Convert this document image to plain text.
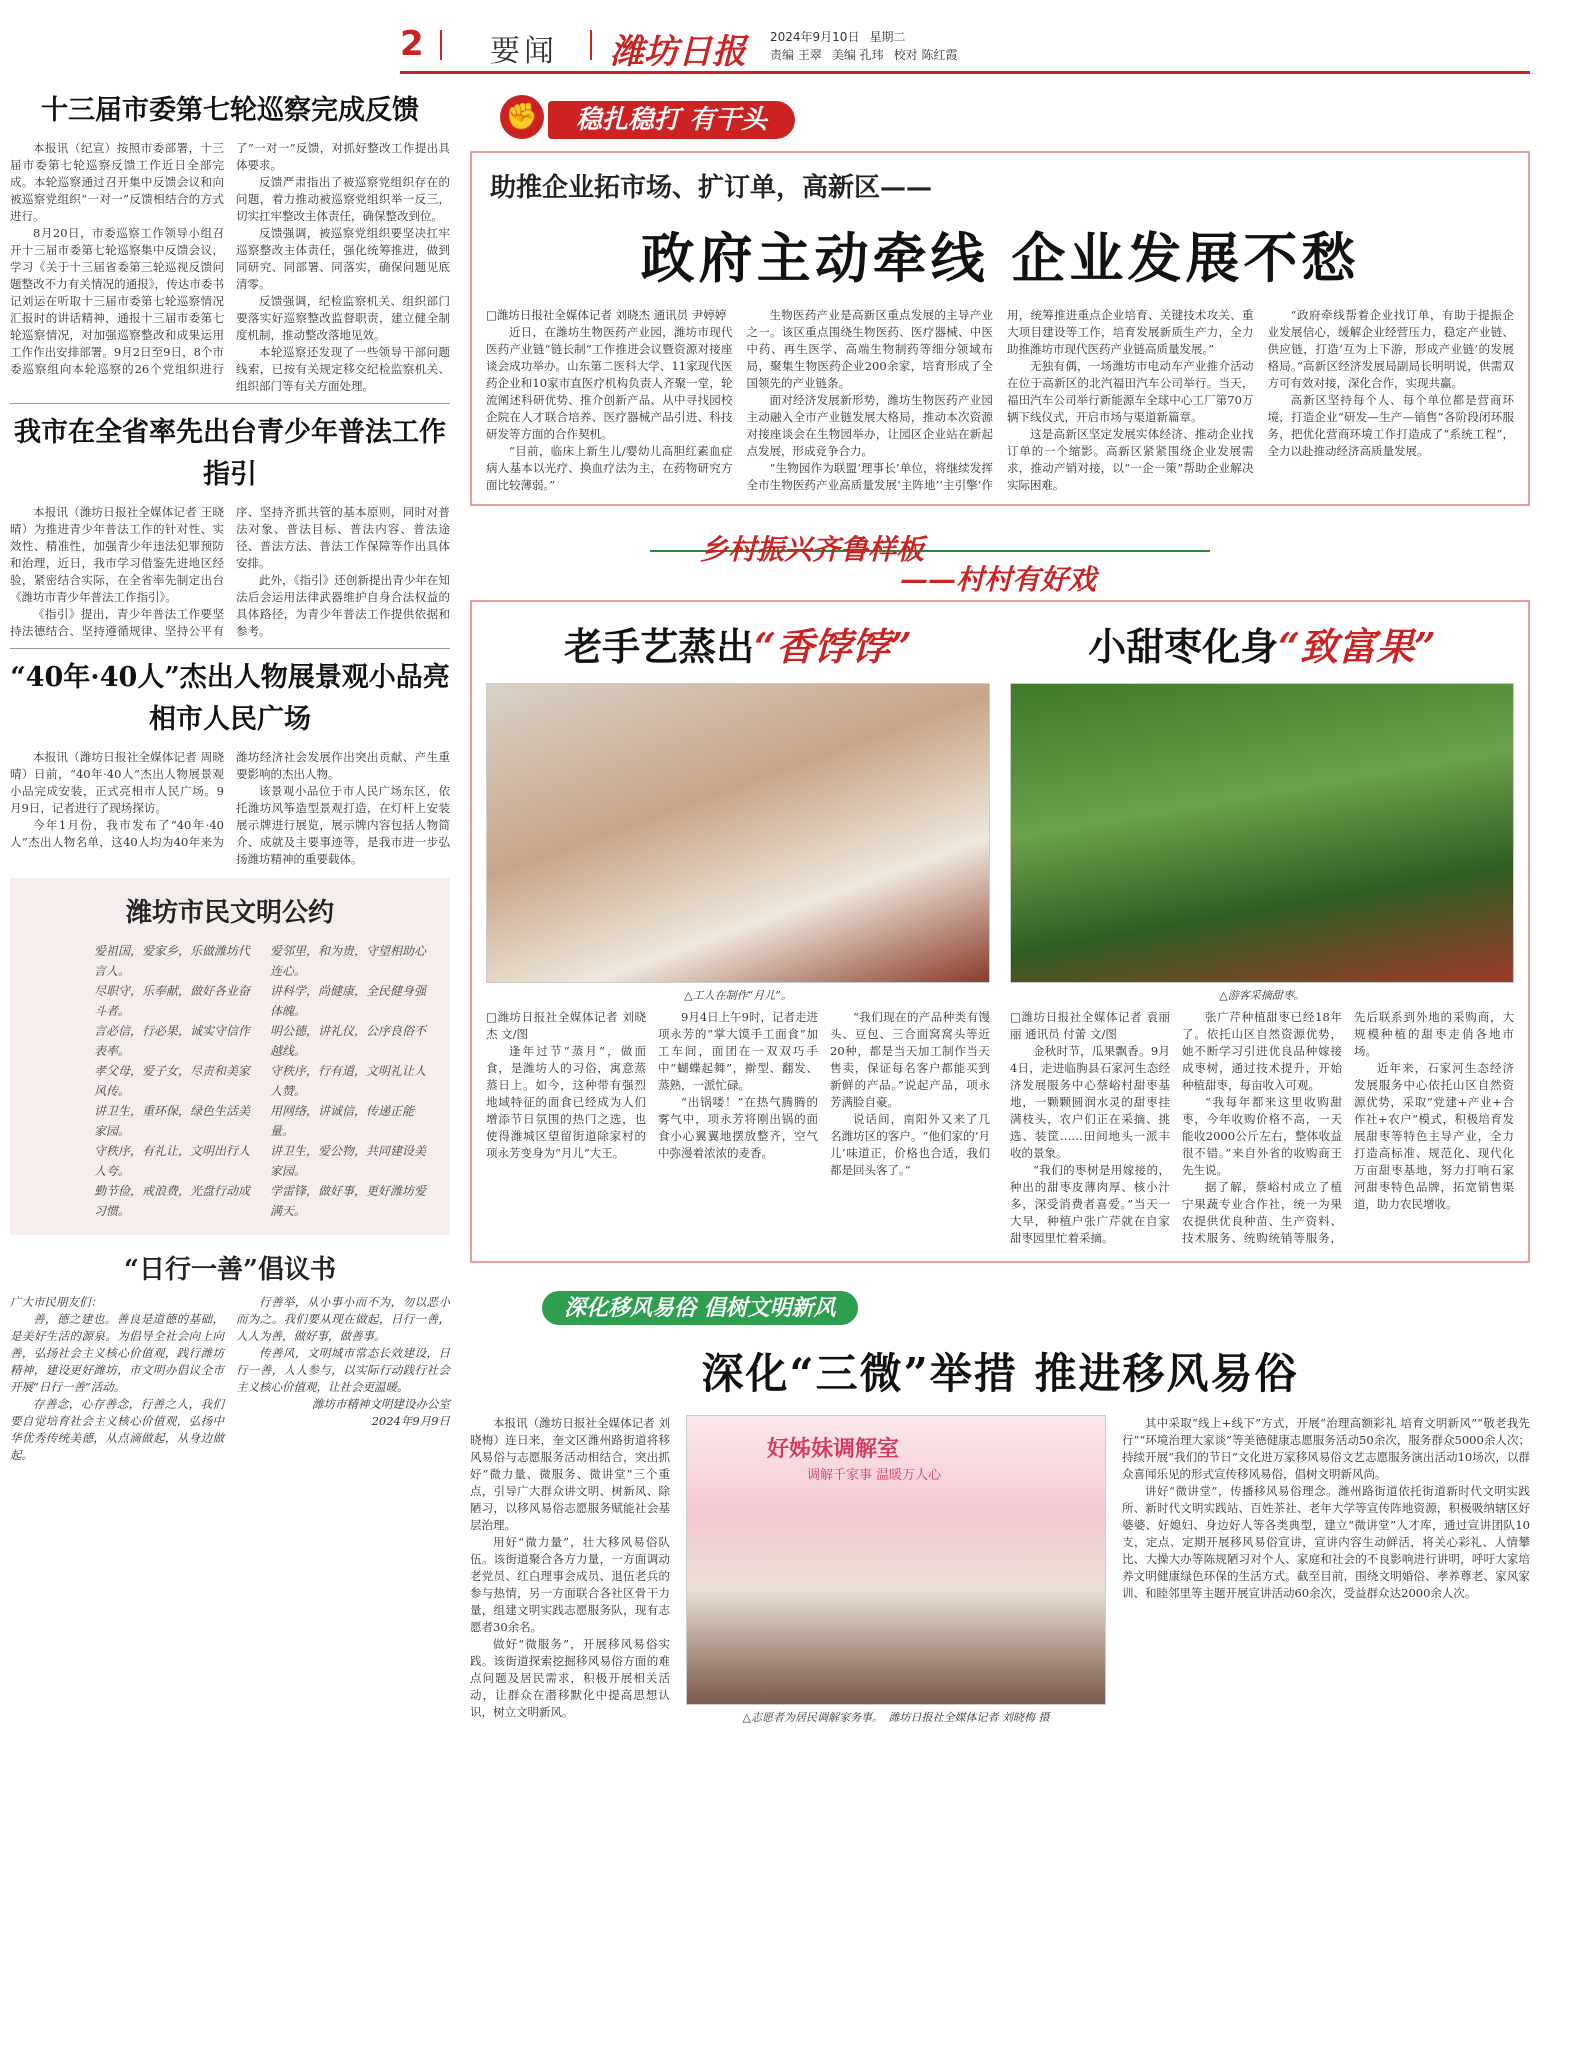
2 要闻 潍坊日报 2024年9月10日 星期二
责编 王翠 美编 孔玮 校对 陈红霞
十三届市委第七轮巡察完成反馈

本报讯（纪宣）按照市委部署，十三届市委第七轮巡察反馈工作近日全部完成。本轮巡察通过召开集中反馈会议和向被巡察党组织“一对一”反馈相结合的方式进行。

8月20日，市委巡察工作领导小组召开十三届市委第七轮巡察集中反馈会议，学习《关于十三届省委第三轮巡视反馈问题整改不力有关情况的通报》，传达市委书记刘运在听取十三届市委第七轮巡察情况汇报时的讲话精神，通报十三届市委第七轮巡察情况，对加强巡察整改和成果运用工作作出安排部署。9月2日至9日，8个市委巡察组向本轮巡察的26个党组织进行了“一对一”反馈，对抓好整改工作提出具体要求。

反馈严肃指出了被巡察党组织存在的问题，着力推动被巡察党组织举一反三，切实扛牢整改主体责任，确保整改到位。

反馈强调，被巡察党组织要坚决扛牢巡察整改主体责任，强化统筹推进，做到同研究、同部署、同落实，确保问题见底清零。

反馈强调，纪检监察机关、组织部门要落实好巡察整改监督职责，建立健全制度机制，推动整改落地见效。

本轮巡察还发现了一些领导干部问题线索，已按有关规定移交纪检监察机关、组织部门等有关方面处理。

我市在全省率先出台青少年普法工作指引

本报讯（潍坊日报社全媒体记者 王晓晴）为推进青少年普法工作的针对性、实效性、精准性，加强青少年违法犯罪预防和治理，近日，我市学习借鉴先进地区经验，紧密结合实际，在全省率先制定出台《潍坊市青少年普法工作指引》。

《指引》提出，青少年普法工作要坚持法德结合、坚持遵循规律、坚持公平有序、坚持齐抓共管的基本原则，同时对普法对象、普法目标、普法内容、普法途径、普法方法、普法工作保障等作出具体安排。

此外，《指引》还创新提出青少年在知法后会运用法律武器维护自身合法权益的具体路径，为青少年普法工作提供依据和参考。

“40年·40人”杰出人物展景观小品亮相市人民广场

本报讯（潍坊日报社全媒体记者 周晓晴）日前，“40年·40人”杰出人物展景观小品完成安装，正式亮相市人民广场。9月9日，记者进行了现场探访。

今年1月份，我市发布了“40年·40人”杰出人物名单，这40人均为40年来为潍坊经济社会发展作出突出贡献、产生重要影响的杰出人物。

该景观小品位于市人民广场东区，依托潍坊风筝造型景观打造，在灯杆上安装展示牌进行展览，展示牌内容包括人物简介、成就及主要事迹等，是我市进一步弘扬潍坊精神的重要载体。

潍坊市民文明公约
爱祖国，爱家乡，乐做潍坊代言人。
尽职守，乐奉献，做好各业奋斗者。
言必信，行必果，诚实守信作表率。
孝父母，爱子女，尽责和美家风传。
讲卫生，重环保，绿色生活美家园。
守秩序，有礼让，文明出行人人夸。
勤节俭，戒浪费，光盘行动成习惯。
爱邻里，和为贵，守望相助心连心。
讲科学，尚健康，全民健身强体魄。
明公德，讲礼仪，公序良俗不越线。
守秩序，行有道，文明礼让人人赞。
用网络，讲诚信，传递正能量。
讲卫生，爱公物，共同建设美家园。
学雷锋，做好事，更好潍坊爱满天。
“日行一善”倡议书

广大市民朋友们：

善，德之建也。善良是道德的基础，是美好生活的源泉。为倡导全社会向上向善，弘扬社会主义核心价值观，践行潍坊精神，建设更好潍坊，市文明办倡议全市开展“日行一善”活动。

存善念，心存善念，行善之人，我们要自觉培育社会主义核心价值观，弘扬中华优秀传统美德，从点滴做起，从身边做起。

行善举，从小事小而不为，勿以恶小而为之。我们要从现在做起，日行一善，人人为善，做好事，做善事。

传善风，文明城市常态长效建设，日行一善，人人参与，以实际行动践行社会主义核心价值观，让社会更温暖。

潍坊市精神文明建设办公室

2024年9月9日

✊	稳扎稳打 有干头
助推企业拓市场、扩订单，高新区——
政府主动牵线 企业发展不愁

□潍坊日报社全媒体记者 刘晓杰 通讯员 尹婷婷

近日，在潍坊生物医药产业园，潍坊市现代医药产业链“链长制”工作推进会议暨资源对接座谈会成功举办。山东第二医科大学、11家现代医药企业和10家市直医疗机构负责人齐聚一堂，轮流阐述科研优势、推介创新产品、从中寻找园校企院在人才联合培养、医疗器械产品引进、科技研发等方面的合作契机。

“目前，临床上新生儿/婴幼儿高胆红素血症病人基本以光疗、换血疗法为主，在药物研究方面比较薄弱。”

生物医药产业是高新区重点发展的主导产业之一。该区重点围绕生物医药、医疗器械、中医中药、再生医学、高端生物制药等细分领域布局，聚集生物医药企业200余家，培育形成了全国领先的产业链条。

面对经济发展新形势，潍坊生物医药产业园主动融入全市产业链发展大格局，推动本次资源对接座谈会在生物园举办，让园区企业站在新起点发展，形成竞争合力。

“生物园作为联盟‘理事长’单位，将继续发挥全市生物医药产业高质量发展‘主阵地’‘主引擎’作用，统筹推进重点企业培育、关键技术攻关、重大项目建设等工作，培育发展新质生产力，全力助推潍坊市现代医药产业链高质量发展。”

无独有偶，一场潍坊市电动车产业推介活动在位于高新区的北汽福田汽车公司举行。当天，福田汽车公司举行新能源车全球中心工厂第70万辆下线仪式，开启市场与渠道新篇章。

这是高新区坚定发展实体经济、推动企业找订单的一个缩影。高新区紧紧围绕企业发展需求，推动产销对接，以“一企一策”帮助企业解决实际困难。

“政府牵线帮着企业找订单，有助于提振企业发展信心，缓解企业经营压力，稳定产业链、供应链，打造‘互为上下游，形成产业链’的发展格局。”高新区经济发展局副局长明明说，供需双方可有效对接，深化合作，实现共赢。

高新区坚持每个人、每个单位都是营商环境，打造企业“研发—生产—销售”各阶段闭环服务，把优化营商环境工作打造成了“系统工程”，全力以赴推动经济高质量发展。

乡村振兴齐鲁样板
——村村有好戏
老手艺蒸出“香饽饽”
△工人在制作“月儿”。

□潍坊日报社全媒体记者 刘晓杰 文/图

逢年过节“蒸月”，做面食，是潍坊人的习俗，寓意蒸蒸日上。如今，这种带有强烈地域特征的面食已经成为人们增添节日氛围的热门之选，也使得潍城区望留街道除家村的项永芳变身为“月儿”大王。

9月4日上午9时，记者走进项永芳的“掌大馍手工面食”加工车间，面团在一双双巧手中“蝴蝶起舞”，擀型、翻发、蒸熟，一派忙碌。

“出锅喽！”在热气腾腾的雾气中，项永芳将刚出锅的面食小心翼翼地摆放整齐，空气中弥漫着浓浓的麦香。

“我们现在的产品种类有馒头、豆包、三合面窝窝头等近20种，都是当天加工制作当天售卖，保证每名客户都能买到新鲜的产品。”说起产品，项永芳满脸自豪。

说话间，南阳外又来了几名潍坊区的客户。“他们家的‘月儿’味道正，价格也合适，我们都是回头客了。”

小甜枣化身“致富果”
△游客采摘甜枣。

□潍坊日报社全媒体记者 袁丽丽 通讯员 付蕾 文/图

金秋时节，瓜果飘香。9月4日，走进临朐县石家河生态经济发展服务中心蔡峪村甜枣基地，一颗颗圆润水灵的甜枣挂满枝头，农户们正在采摘、挑选、装筐……田间地头一派丰收的景象。

“我们的枣树是用嫁接的，种出的甜枣皮薄肉厚、核小汁多，深受消费者喜爱。”当天一大早，种植户张广芹就在自家甜枣园里忙着采摘。

张广芹种植甜枣已经18年了。依托山区自然资源优势，她不断学习引进优良品种嫁接成枣树，通过技术提升，开始种植甜枣，每亩收入可观。

“我每年都来这里收购甜枣，今年收购价格不高，一天能收2000公斤左右，整体收益很不错。”来自外省的收购商王先生说。

据了解，蔡峪村成立了植宁果蔬专业合作社，统一为果农提供优良种苗、生产资料、技术服务、统购统销等服务，先后联系到外地的采购商，大规模种植的甜枣走俏各地市场。

近年来，石家河生态经济发展服务中心依托山区自然资源优势，采取“党建+产业+合作社+农户”模式，积极培育发展甜枣等特色主导产业，全力打造高标准、规范化、现代化万亩甜枣基地，努力打响石家河甜枣特色品牌，拓宽销售渠道，助力农民增收。

深化移风易俗 倡树文明新风
深化“三微”举措 推进移风易俗

本报讯（潍坊日报社全媒体记者 刘晓梅）连日来，奎文区潍州路街道将移风易俗与志愿服务活动相结合，突出抓好“微力量、微服务、微讲堂”三个重点，引导广大群众讲文明、树新风、除陋习，以移风易俗志愿服务赋能社会基层治理。

用好“微力量”，壮大移风易俗队伍。该街道聚合各方力量，一方面调动老党员、红白理事会成员、退伍老兵的参与热情，另一方面联合各社区骨干力量，组建文明实践志愿服务队，现有志愿者30余名。

做好“微服务”，开展移风易俗实践。该街道探索挖掘移风易俗方面的难点问题及居民需求，积极开展相关活动，让群众在潜移默化中提高思想认识，树立文明新风。

好姊妹调解室
调解千家事 温暖万人心
△志愿者为居民调解家务事。　 潍坊日报社全媒体记者 刘晓梅 摄

其中采取“线上+线下”方式，开展“治理高额彩礼 培育文明新风”“敬老我先行”“环境治理大家谈”等美德健康志愿服务活动50余次，服务群众5000余人次；持续开展“我们的节日”文化进万家移风易俗文艺志愿服务演出活动10场次，以群众喜闻乐见的形式宣传移风易俗，倡树文明新风尚。

讲好“微讲堂”，传播移风易俗理念。潍州路街道依托街道新时代文明实践所、新时代文明实践站、百姓茶社、老年大学等宣传阵地资源，积极吸纳辖区好婆婆、好媳妇、身边好人等各类典型，建立“微讲堂”人才库，通过宣讲团队10支，定点、定期开展移风易俗宣讲，宣讲内容生动鲜活，将关心彩礼、人情攀比、大操大办等陈规陋习对个人、家庭和社会的不良影响进行讲明，呼吁大家培养文明健康绿色环保的生活方式。截至目前，围绕文明婚俗、孝养尊老、家风家训、和睦邻里等主题开展宣讲活动60余次，受益群众达2000余人次。
